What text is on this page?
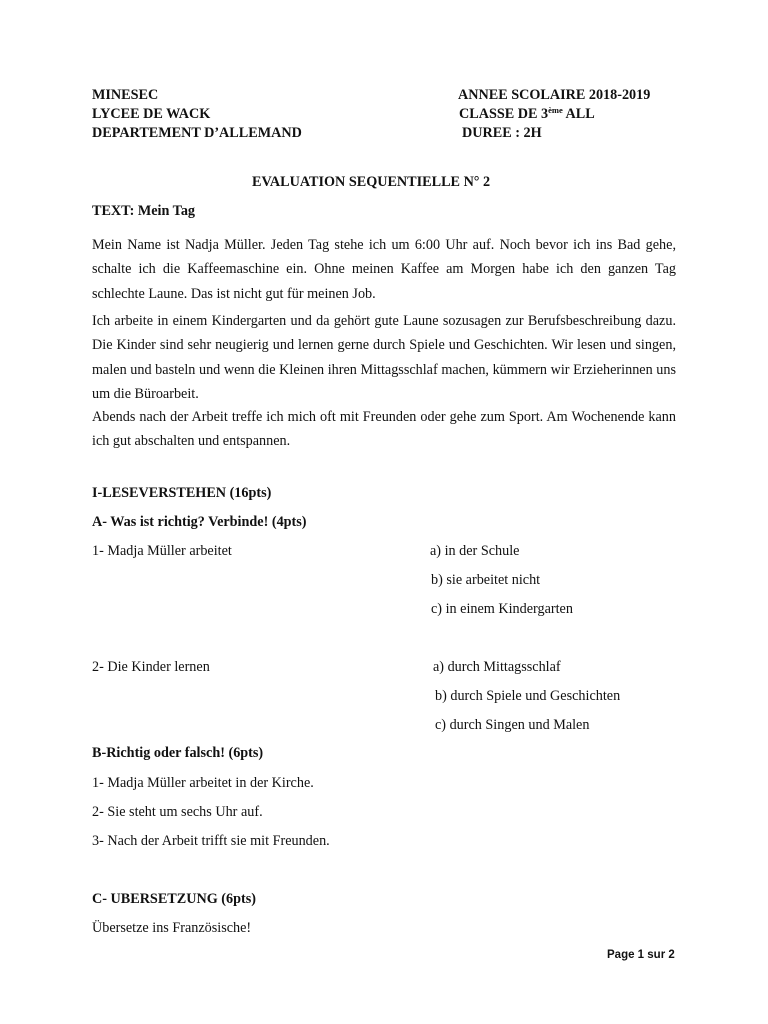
MINESEC
LYCEE DE WACK
DEPARTEMENT D’ALLEMAND
ANNEE SCOLAIRE 2018-2019
CLASSE DE 3ème ALL
DUREE : 2H
EVALUATION SEQUENTIELLE N° 2
TEXT: Mein Tag
Mein Name ist Nadja Müller. Jeden Tag stehe ich um 6:00 Uhr auf. Noch bevor ich ins Bad gehe, schalte ich die Kaffeemaschine ein. Ohne meinen Kaffee am Morgen habe ich den ganzen Tag schlechte Laune. Das ist nicht gut für meinen Job.
Ich arbeite in einem Kindergarten und da gehört gute Laune sozusagen zur Berufsbeschreibung dazu. Die Kinder sind sehr neugierig und lernen gerne durch Spiele und Geschichten. Wir lesen und singen, malen und basteln und wenn die Kleinen ihren Mittagsschlaf machen, kümmern wir Erzieherinnen uns um die Büroarbeit.
Abends nach der Arbeit treffe ich mich oft mit Freunden oder gehe zum Sport. Am Wochenende kann ich gut abschalten und entspannen.
I-LESEVERSTEHEN (16pts)
A- Was ist richtig? Verbinde! (4pts)
1- Madja Müller arbeitet	a) in der Schule
b) sie arbeitet nicht
c) in einem Kindergarten
2- Die Kinder lernen	a) durch Mittagsschlaf
b) durch Spiele und Geschichten
c) durch Singen und Malen
B-Richtig oder falsch! (6pts)
1- Madja Müller arbeitet in der Kirche.
2- Sie steht um sechs Uhr auf.
3- Nach der Arbeit trifft sie mit Freunden.
C- UBERSETZUNG (6pts)
Übersetze ins Französische!
Page 1 sur 2
